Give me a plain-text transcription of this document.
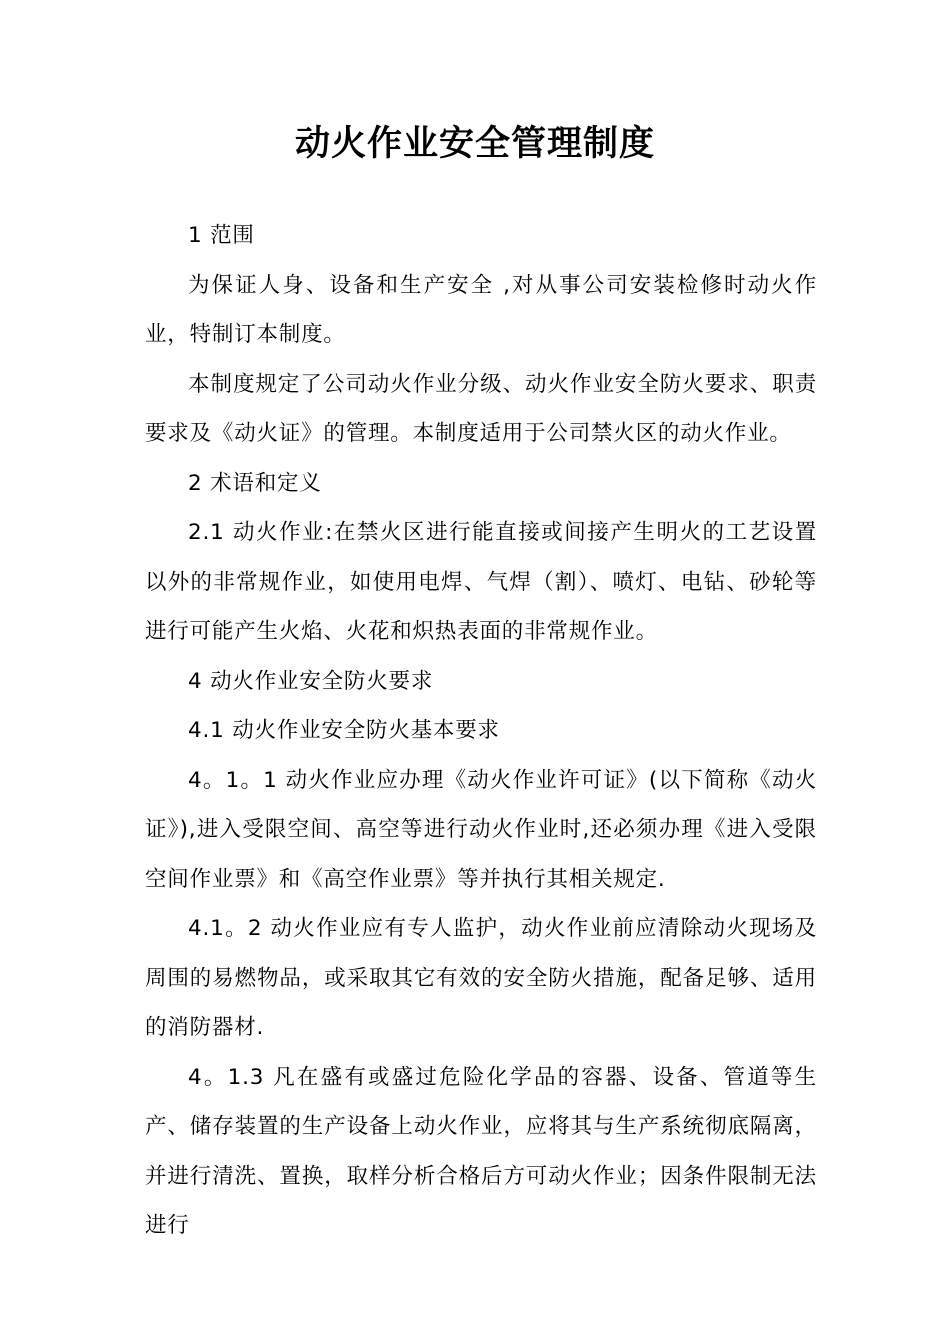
动火作业安全管理制度

1 范围

为保证人身、设备和生产安全 ,对从事公司安装检修时动火作业，特制订本制度。

本制度规定了公司动火作业分级、动火作业安全防火要求、职责要求及《动火证》的管理。本制度适用于公司禁火区的动火作业。

2 术语和定义

2.1 动火作业:在禁火区进行能直接或间接产生明火的工艺设置以外的非常规作业，如使用电焊、气焊（割）、喷灯、电钻、砂轮等进行可能产生火焰、火花和炽热表面的非常规作业。

4 动火作业安全防火要求

4.1 动火作业安全防火基本要求

4。1。1 动火作业应办理《动火作业许可证》(以下简称《动火证》),进入受限空间、高空等进行动火作业时,还必须办理《进入受限空间作业票》和《高空作业票》等并执行其相关规定.

4.1。2 动火作业应有专人监护，动火作业前应清除动火现场及周围的易燃物品，或采取其它有效的安全防火措施，配备足够、适用的消防器材.

4。1.3 凡在盛有或盛过危险化学品的容器、设备、管道等生产、储存装置的生产设备上动火作业，应将其与生产系统彻底隔离，并进行清洗、置换，取样分析合格后方可动火作业；因条件限制无法进行
